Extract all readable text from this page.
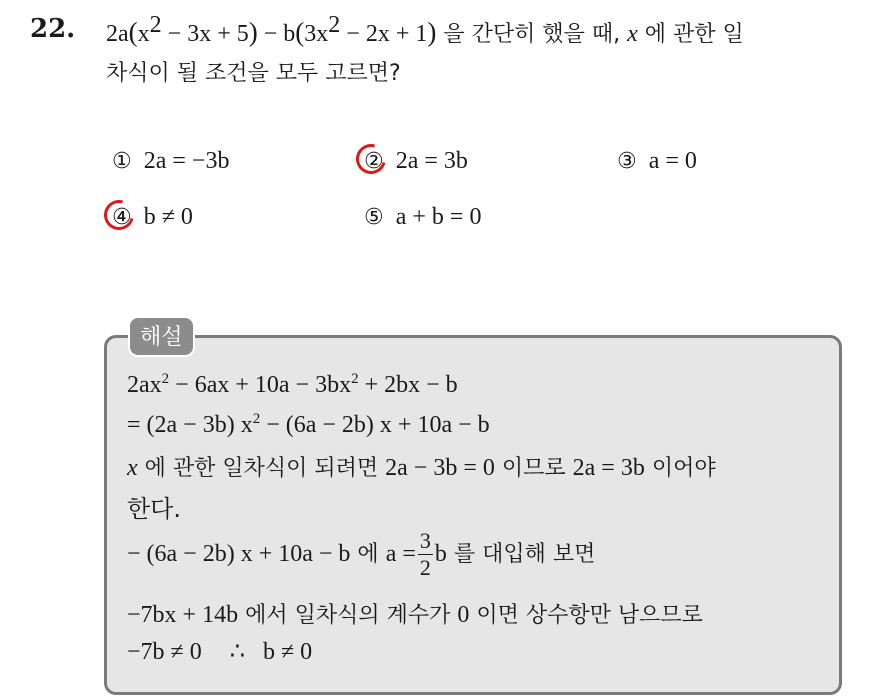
22. $2a(x^2 - 3x + 5) - b(3x^2 - 2x + 1)$ 을 간단히 했을 때, x 에 관한 일
차식이 될 조건을 모두 고르면?
① 2a = −3b	② 2a = 3b	③ a = 0
④ b ≠ 0	⑤ a + b = 0
해설
$2ax^2 - 6ax + 10a - 3bx^2 + 2bx - b$
= (2a − 3b) $x^2 - (6a - 2b) x + 10a - b$
x 에 관한 일차식이 되려면 2a − 3b = 0 이므로 2a = 3b 이어야
한다.
− (6a − 2b) x + 10a − b 에 $a = \frac{3}{2}$ b 를 대입해 보면
−7bx + 14b 에서 일차식의 계수가 0 이면 상수항만 남으므로
−7b ≠ 0 ∴ b ≠ 0
